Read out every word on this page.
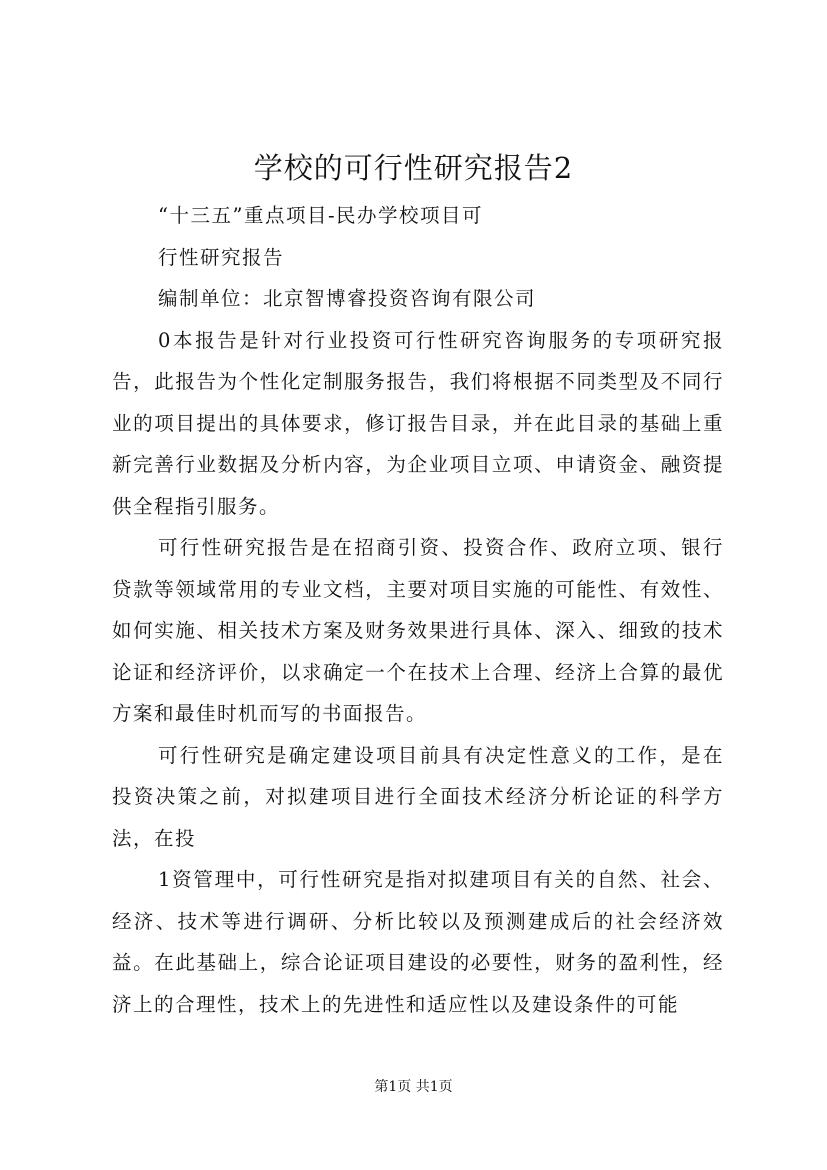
学校的可行性研究报告2

“十三五”重点项目-民办学校项目可

行性研究报告

编制单位：北京智博睿投资咨询有限公司

0本报告是针对行业投资可行性研究咨询服务的专项研究报告，此报告为个性化定制服务报告，我们将根据不同类型及不同行业的项目提出的具体要求，修订报告目录，并在此目录的基础上重新完善行业数据及分析内容，为企业项目立项、申请资金、融资提供全程指引服务。

可行性研究报告是在招商引资、投资合作、政府立项、银行贷款等领域常用的专业文档，主要对项目实施的可能性、有效性、如何实施、相关技术方案及财务效果进行具体、深入、细致的技术论证和经济评价，以求确定一个在技术上合理、经济上合算的最优方案和最佳时机而写的书面报告。

可行性研究是确定建设项目前具有决定性意义的工作，是在投资决策之前，对拟建项目进行全面技术经济分析论证的科学方法，在投

1资管理中，可行性研究是指对拟建项目有关的自然、社会、经济、技术等进行调研、分析比较以及预测建成后的社会经济效益。在此基础上，综合论证项目建设的必要性，财务的盈利性，经济上的合理性，技术上的先进性和适应性以及建设条件的可能

第1页 共1页
